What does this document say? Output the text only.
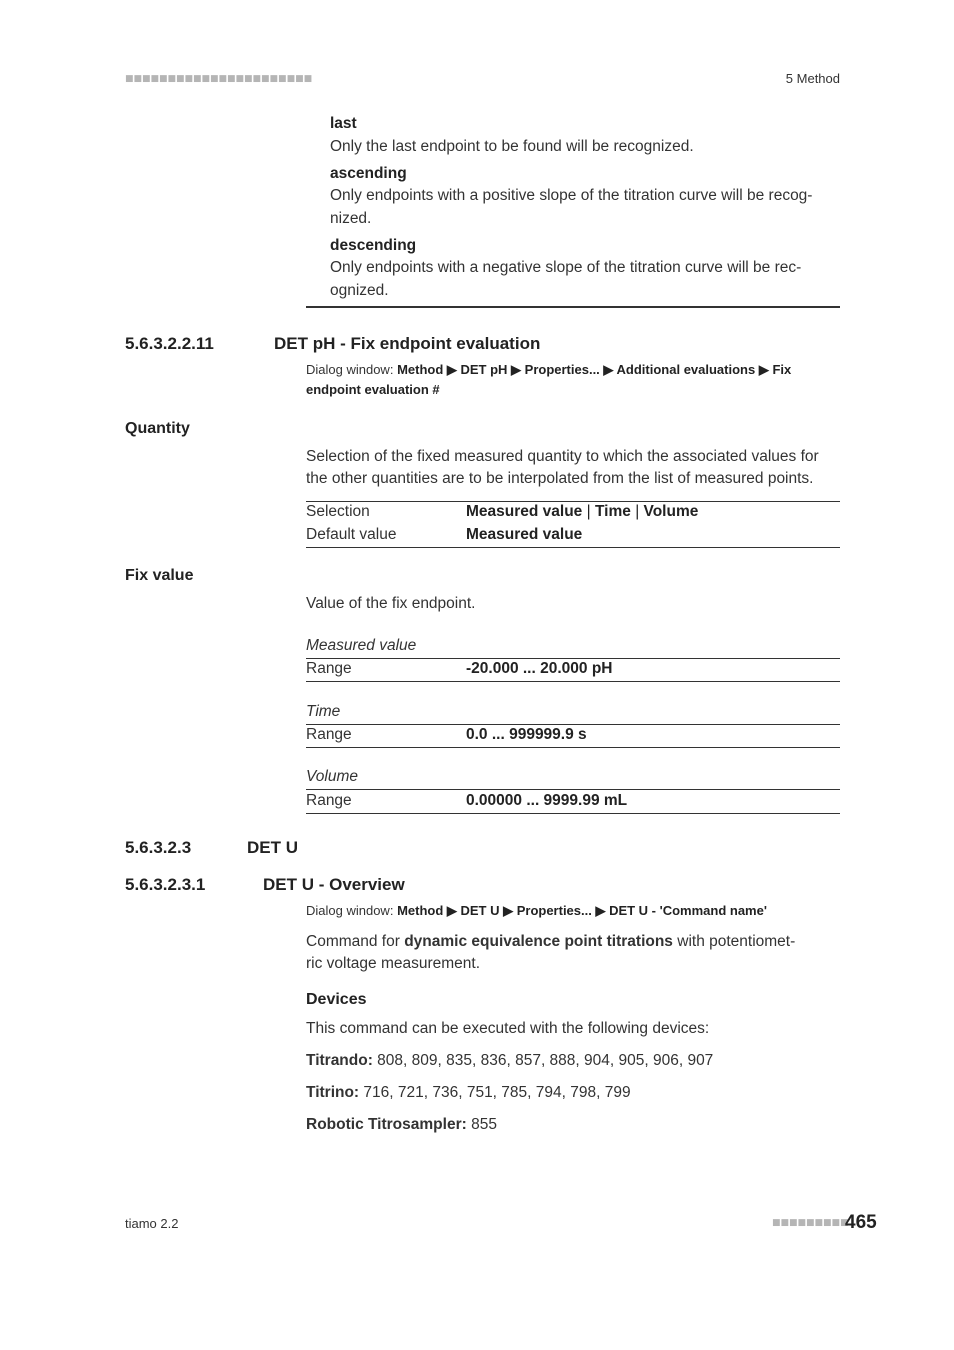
■■■■■■■■■■■■■■■■■■■■■■	5 Method
last
Only the last endpoint to be found will be recognized.
ascending
Only endpoints with a positive slope of the titration curve will be recog-
nized.
descending
Only endpoints with a negative slope of the titration curve will be rec-
ognized.
5.6.3.2.2.11	DET pH - Fix endpoint evaluation
Dialog window: Method ▶ DET pH ▶ Properties... ▶ Additional evaluations ▶ Fix
endpoint evaluation #
Quantity
Selection of the fixed measured quantity to which the associated values for
the other quantities are to be interpolated from the list of measured points.
Selection	Measured value | Time | Volume
Default value	Measured value
Fix value
Value of the fix endpoint.
Measured value
Range	-20.000 ... 20.000 pH
Time
Range	0.0 ... 999999.9 s
Volume
Range	0.00000 ... 9999.99 mL
5.6.3.2.3	DET U
5.6.3.2.3.1	DET U - Overview
Dialog window: Method ▶ DET U ▶ Properties... ▶ DET U - 'Command name'
Command for dynamic equivalence point titrations with potentiomet-
ric voltage measurement.
Devices
This command can be executed with the following devices:
Titrando: 808, 809, 835, 836, 857, 888, 904, 905, 906, 907
Titrino: 716, 721, 736, 751, 785, 794, 798, 799
Robotic Titrosampler: 855
tiamo 2.2	■■■■■■■■■
465
